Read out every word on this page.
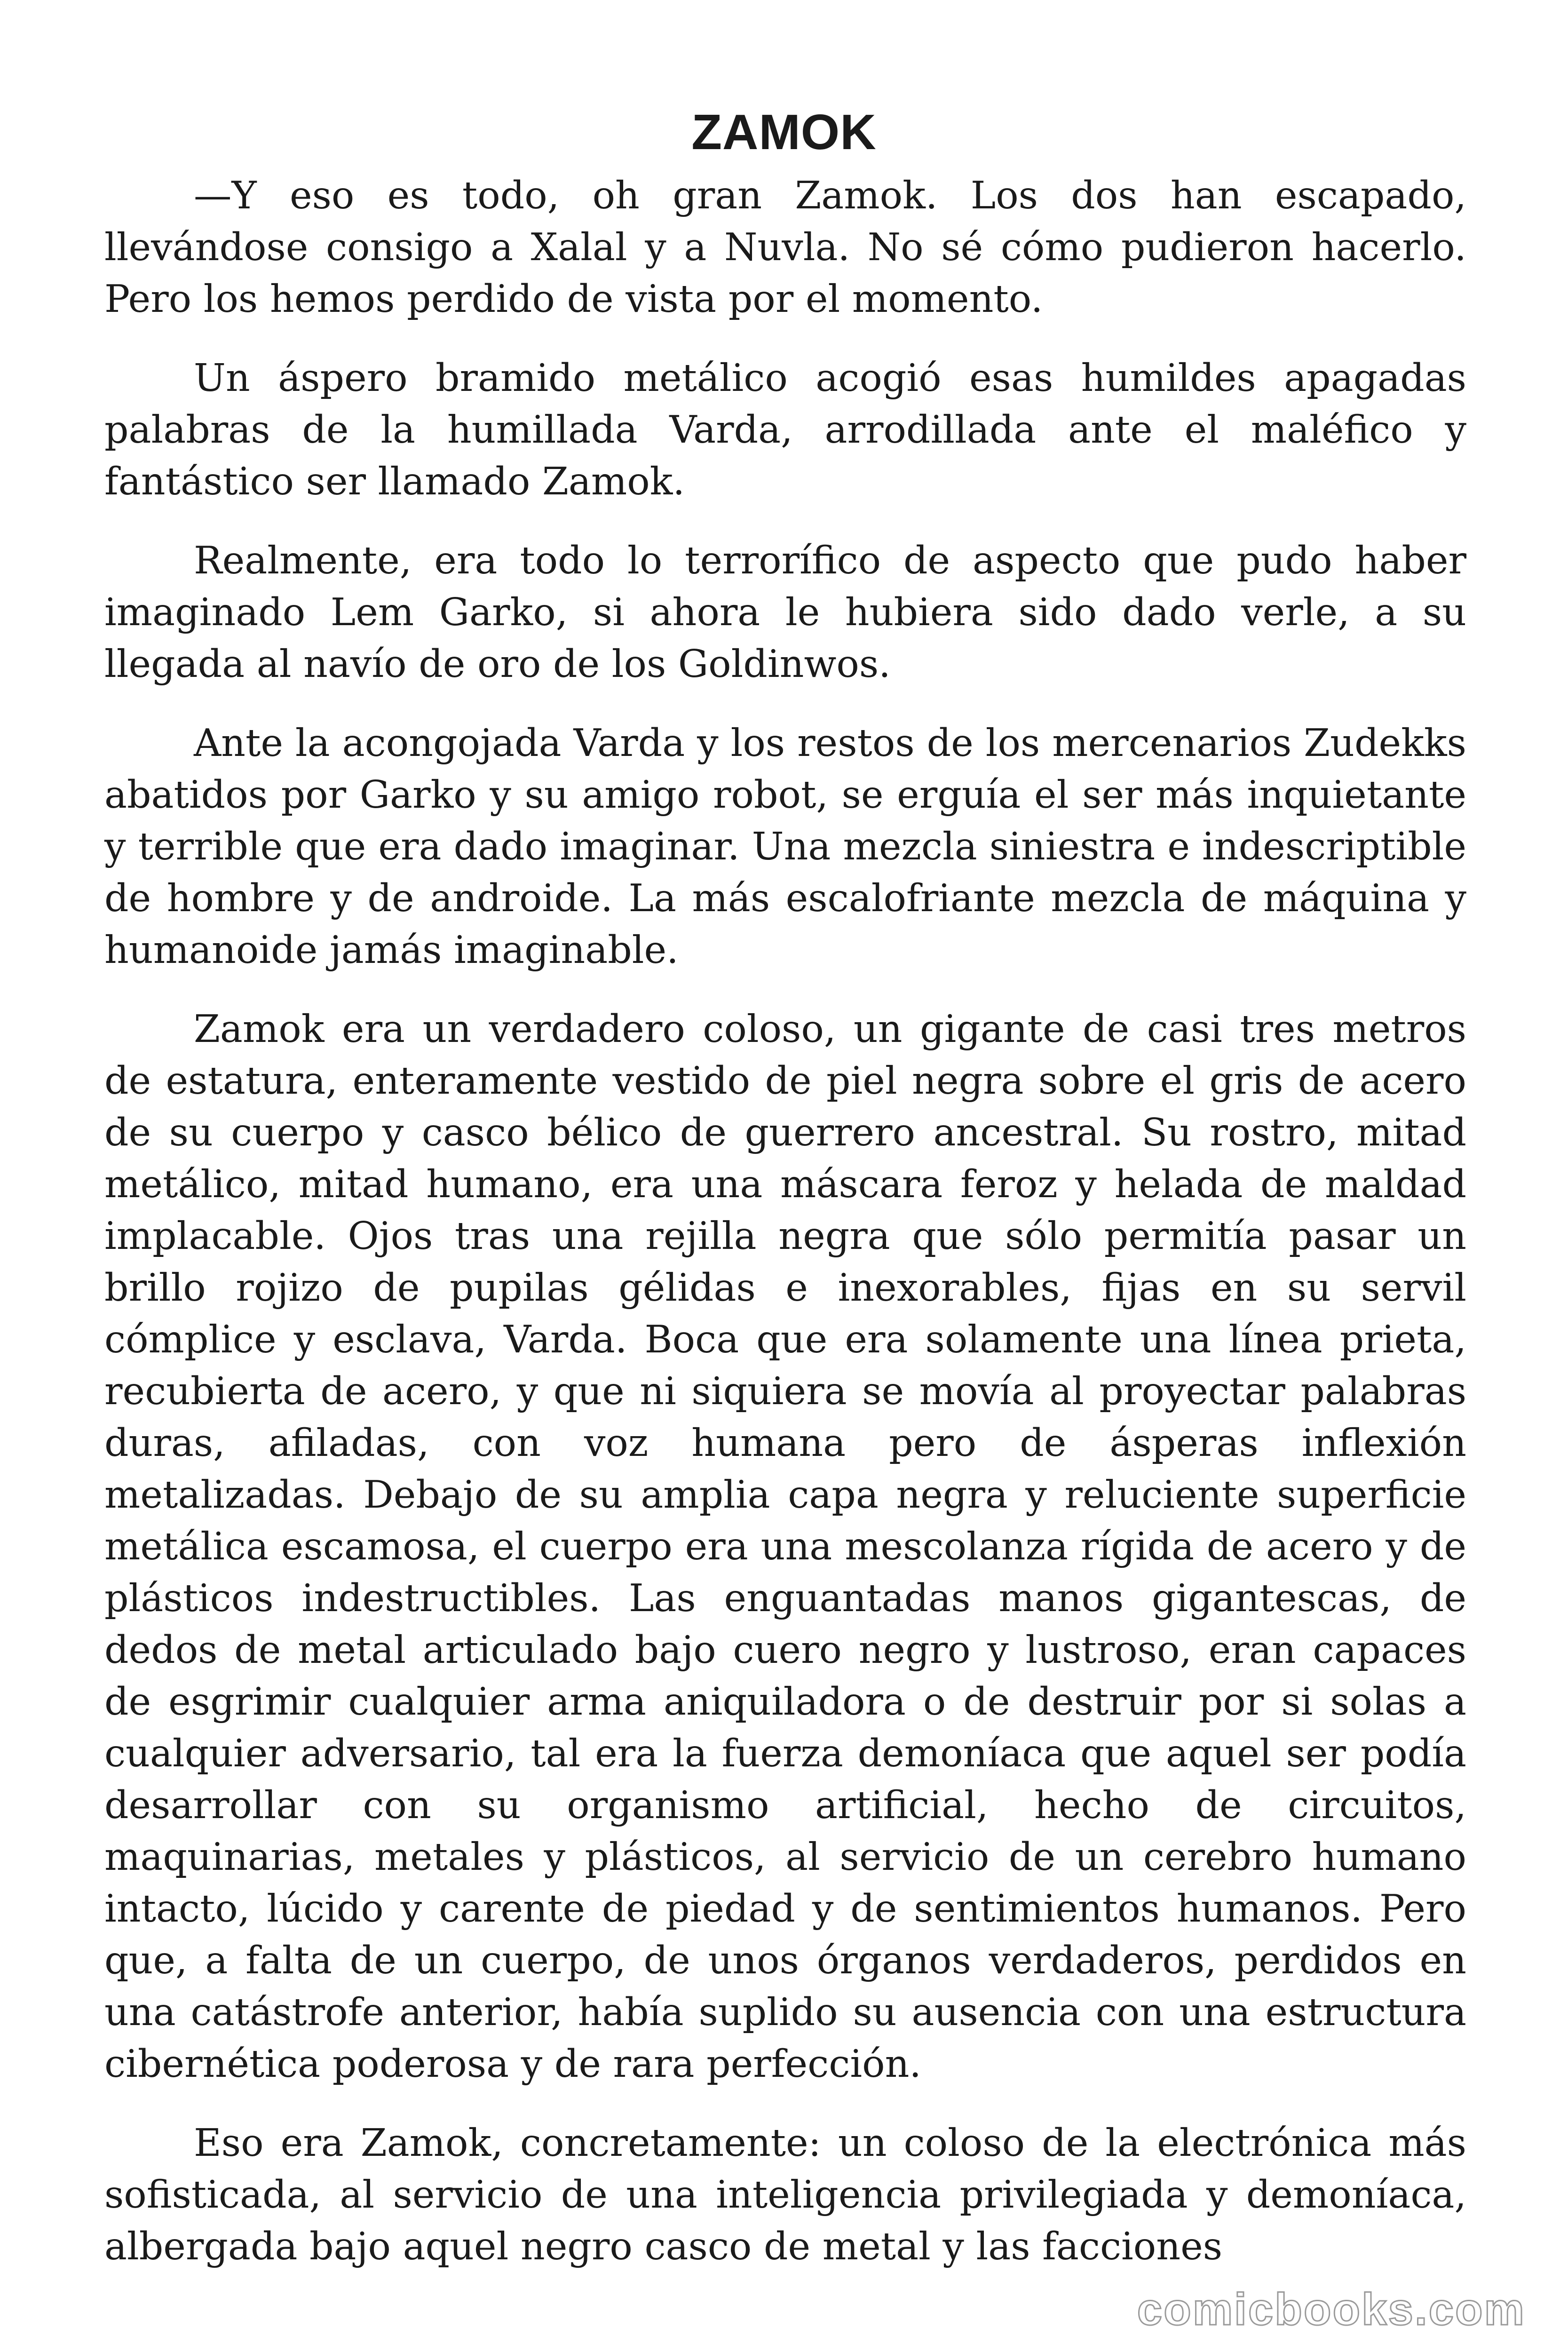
ZAMOK

—Y eso es todo, oh gran Zamok. Los dos han escapado, llevándose consigo a Xalal y a Nuvla. No sé cómo pudieron hacerlo. Pero los hemos perdido de vista por el momento.

Un áspero bramido metálico acogió esas humildes apagadas palabras de la humillada Varda, arrodillada ante el maléfico y fantástico ser llamado Zamok.

Realmente, era todo lo terrorífico de aspecto que pudo haber imaginado Lem Garko, si ahora le hubiera sido dado verle, a su llegada al navío de oro de los Goldinwos.

Ante la acongojada Varda y los restos de los mercenarios Zudekks abatidos por Garko y su amigo robot, se erguía el ser más inquietante y terrible que era dado imaginar. Una mezcla siniestra e indescriptible de hombre y de androide. La más escalofriante mezcla de máquina y humanoide jamás imaginable.

Zamok era un verdadero coloso, un gigante de casi tres metros de estatura, enteramente vestido de piel negra sobre el gris de acero de su cuerpo y casco bélico de guerrero ancestral. Su rostro, mitad metálico, mitad humano, era una máscara feroz y helada de maldad implacable. Ojos tras una rejilla negra que sólo permitía pasar un brillo rojizo de pupilas gélidas e inexorables, fijas en su servil cómplice y esclava, Varda. Boca que era solamente una línea prieta, recubierta de acero, y que ni siquiera se movía al proyectar palabras duras, afiladas, con voz humana pero de ásperas inflexión metalizadas. Debajo de su amplia capa negra y reluciente superficie metálica escamosa, el cuerpo era una mescolanza rígida de acero y de plásticos indestructibles. Las enguantadas manos gigantescas, de dedos de metal articulado bajo cuero negro y lustroso, eran capaces de esgrimir cualquier arma aniquiladora o de destruir por si solas a cualquier adversario, tal era la fuerza demoníaca que aquel ser podía desarrollar con su organismo artificial, hecho de circuitos, maquinarias, metales y plásticos, al servicio de un cerebro humano intacto, lúcido y carente de piedad y de sentimientos humanos. Pero que, a falta de un cuerpo, de unos órganos verdaderos, perdidos en una catástrofe anterior, había suplido su ausencia con una estructura cibernética poderosa y de rara perfección.

Eso era Zamok, concretamente: un coloso de la electrónica más sofisticada, al servicio de una inteligencia privilegiada y demoníaca, albergada bajo aquel negro casco de metal y las facciones

comicbooks.com
